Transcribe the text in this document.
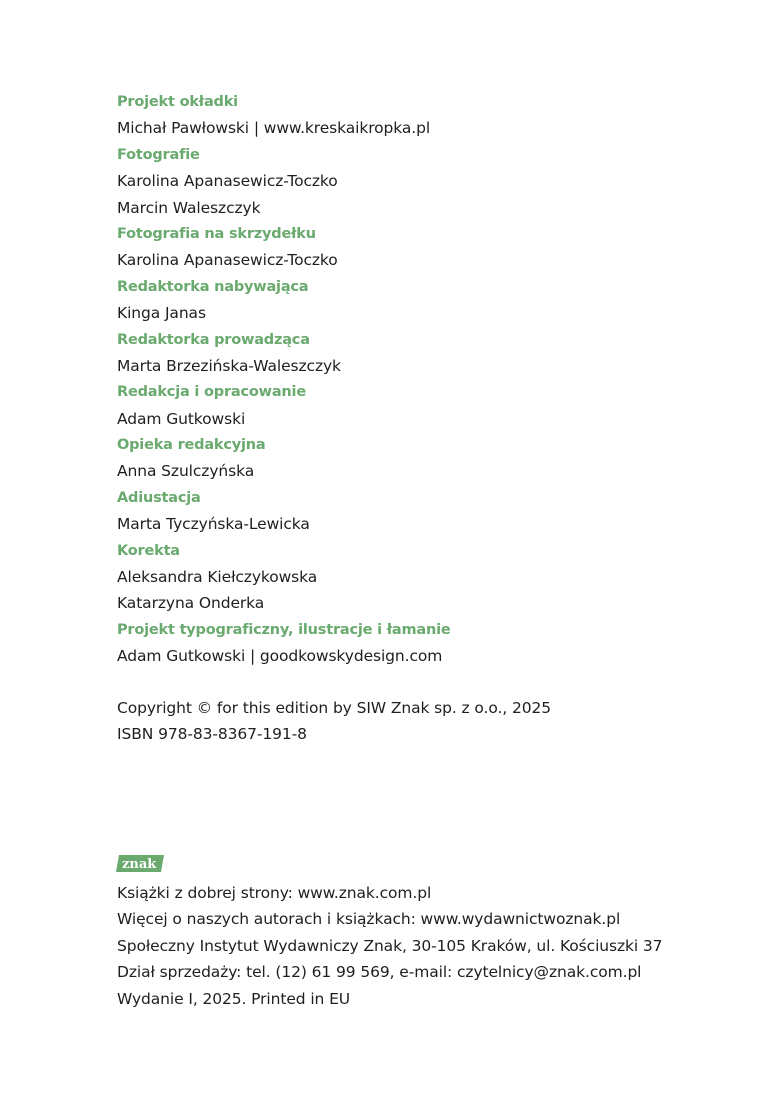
Projekt okładki
Michał Pawłowski | www.kreskaikropka.pl
Fotografie
Karolina Apanasewicz-Toczko
Marcin Waleszczyk
Fotografia na skrzydełku
Karolina Apanasewicz-Toczko
Redaktorka nabywająca
Kinga Janas
Redaktorka prowadząca
Marta Brzezińska-Waleszczyk
Redakcja i opracowanie
Adam Gutkowski
Opieka redakcyjna
Anna Szulczyńska
Adiustacja
Marta Tyczyńska-Lewicka
Korekta
Aleksandra Kiełczykowska
Katarzyna Onderka
Projekt typograficzny, ilustracje i łamanie
Adam Gutkowski | goodkowskydesign.com
Copyright © for this edition by SIW Znak sp. z o.o., 2025
ISBN 978-83-8367-191-8
znak
Książki z dobrej strony: www.znak.com.pl
Więcej o naszych autorach i książkach: www.wydawnictwoznak.pl
Społeczny Instytut Wydawniczy Znak, 30-105 Kraków, ul. Kościuszki 37
Dział sprzedaży: tel. (12) 61 99 569, e-mail: czytelnicy@znak.com.pl
Wydanie I, 2025. Printed in EU
